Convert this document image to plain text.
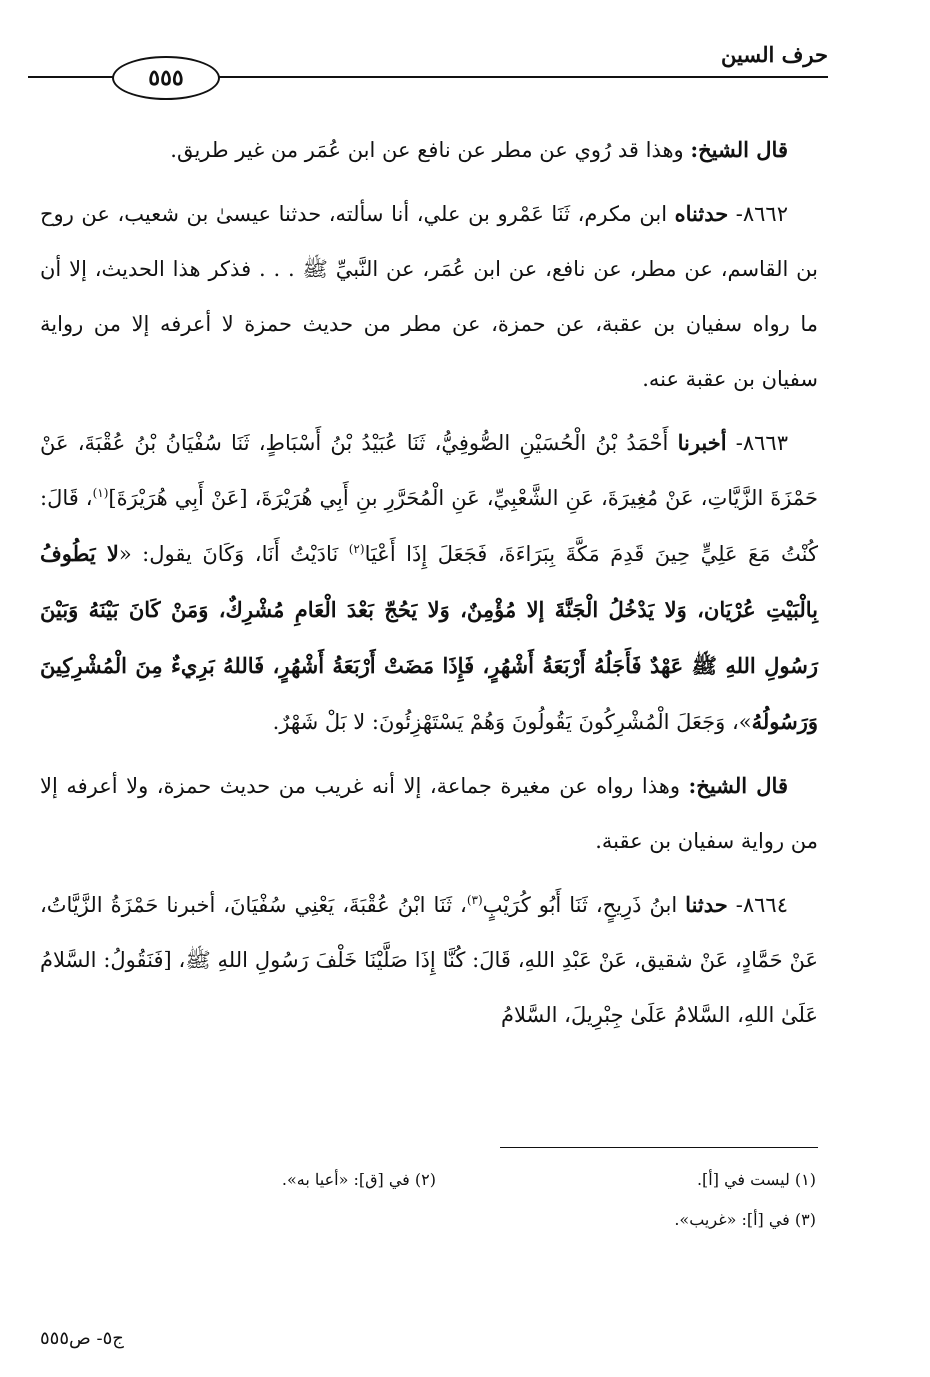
حرف السين
٥٥٥

قال الشيخ: وهذا قد رُوي عن مطر عن نافع عن ابن عُمَر من غير طريق.

٨٦٦٢- حدثناه ابن مكرم، ثَنَا عَمْرو بن علي، أنا سألته، حدثنا عيسىٰ بن شعيب، عن روح بن القاسم، عن مطر، عن نافع، عن ابن عُمَر، عن النَّبيِّ ﷺ . . . فذكر هذا الحديث، إلا أن ما رواه سفيان بن عقبة، عن حمزة، عن مطر من حديث حمزة لا أعرفه إلا من رواية سفيان بن عقبة عنه.

٨٦٦٣- أخبرنا أَحْمَدُ بْنُ الْحُسَيْنِ الصُّوفِيُّ، ثَنَا عُبَيْدُ بْنُ أَسْبَاطٍ، ثَنَا سُفْيَانُ بْنُ عُقْبَةَ، عَنْ حَمْزَةَ الزَّيَّاتِ، عَنْ مُغِيرَةَ، عَنِ الشَّعْبِيِّ، عَنِ الْمُحَرَّرِ بنِ أَبِي هُرَيْرَةَ، [عَنْ أَبِي هُرَيْرَةَ]$^{(١)}$، قَالَ: كُنْتُ مَعَ عَلِيٍّ حِينَ قَدِمَ مَكَّةَ بِبَرَاءَةَ، فَجَعَلَ إِذَا أَعْيَا$^{(٢)}$ نَادَيْتُ أَنَا، وَكَانَ يقول: «لا يَطُوفُ بِالْبَيْتِ عُرْيَان، وَلا يَدْخُلُ الْجَنَّةَ إلا مُؤْمِنٌ، وَلا يَحُجّ بَعْدَ الْعَامِ مُشْرِكٌ، وَمَنْ كَانَ بَيْنَهُ وَبَيْنَ رَسُولِ اللهِ ﷺ عَهْدٌ فَأَجَلُهُ أَرْبَعَةُ أَشْهُرٍ، فَإِذَا مَضَتْ أَرْبَعَةُ أَشْهُرٍ، فَاللهُ بَرِيءٌ مِنَ الْمُشْرِكِينَ وَرَسُولُهُ»، وَجَعَلَ الْمُشْرِكُونَ يَقُولُونَ وَهُمْ يَسْتَهْزِئُونَ: لا بَلْ شَهْرٌ.

قال الشيخ: وهذا رواه عن مغيرة جماعة، إلا أنه غريب من حديث حمزة، ولا أعرفه إلا من رواية سفيان بن عقبة.

٨٦٦٤- حدثنا ابنُ ذَرِيحٍ، ثَنَا أَبُو كُرَيْبٍ$^{(٣)}$، ثَنَا ابْنُ عُقْبَةَ، يَعْنِي سُفْيَانَ، أخبرنا حَمْزَةُ الزَّيَّاتُ، عَنْ حَمَّادٍ، عَنْ شقيق، عَنْ عَبْدِ اللهِ، قَالَ: كُنَّا إِذَا صَلَّيْنَا خَلْفَ رَسُولِ اللهِ ﷺ، [فَنَقُولُ: السَّلامُ عَلَىٰ اللهِ، السَّلامُ عَلَىٰ جِبْرِيلَ، السَّلامُ

(١) ليست في [أ].
(٢) في [ق]: «أعيا به».
(٣) في [أ]: «غريب».
ج٥- ص٥٥٥
